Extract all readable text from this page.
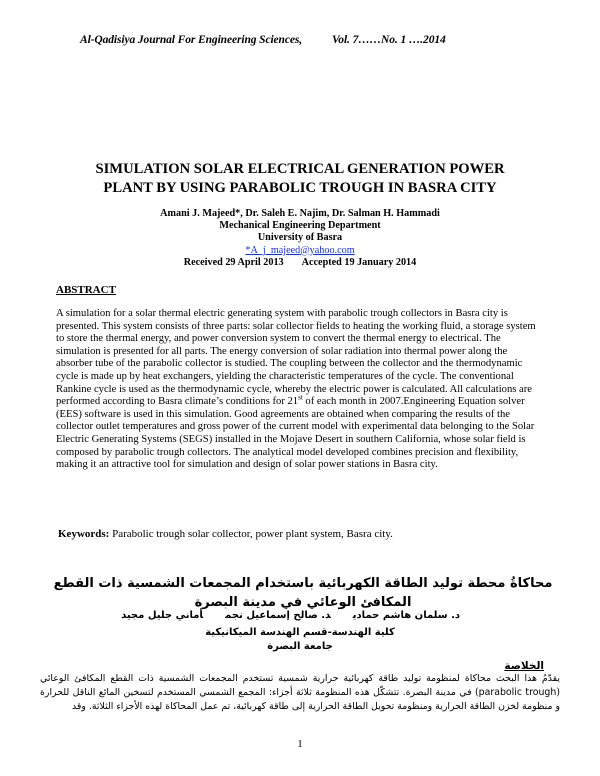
Al-Qadisiya Journal For Engineering Sciences,	Vol. 7……No. 1 ….2014
SIMULATION SOLAR ELECTRICAL GENERATION POWER
PLANT BY USING PARABOLIC TROUGH IN BASRA CITY
Amani J. Majeed*, Dr. Saleh E. Najim, Dr. Salman H. Hammadi
Mechanical Engineering Department
University of Basra
*A_j_majeed@yahoo.com
Received 29 April 2013 Accepted 19 January 2014
ABSTRACT
A simulation for a solar thermal electric generating system with parabolic trough collectors in Basra city is presented. This system consists of three parts: solar collector fields to heating the working fluid, a storage system to store the thermal energy, and power conversion system to convert the thermal energy to electrical. The simulation is presented for all parts. The energy conversion of solar radiation into thermal power along the absorber tube of the parabolic collector is studied. The coupling between the collector and the thermodynamic cycle is made up by heat exchangers, yielding the characteristic temperatures of the cycle. The conventional Rankine cycle is used as the thermodynamic cycle, whereby the electric power is calculated. All calculations are performed according to Basra climate’s conditions for 21st of each month in 2007.Engineering Equation solver (EES) software is used in this simulation. Good agreements are obtained when comparing the results of the collector outlet temperatures and gross power of the current model with experimental data belonging to the Solar Electric Generating Systems (SEGS) installed in the Mojave Desert in southern California, whose solar field is composed by parabolic trough collectors. The analytical model developed combines precision and flexibility, making it an attractive tool for simulation and design of solar power stations in Basra city.
Keywords: Parabolic trough solar collector, power plant system, Basra city.
محاكاةُ محطة توليد الطاقة الكهربائية باستخدام المجمعات الشمسية ذات القطع المكافئ الوعائي في مدينة البصرة
د. سلمان هاشم حماديد. صالح إسماعيل نجمأماني جليل مجيد
كلية الهندسة-قسم الهندسة الميكانيكية
جامعة البصرة
الخلاصة
يقدّمُ هذا البحث محاكاة لمنظومة توليد طاقة كهربائية حرارية شمسية تستخدم المجمعات الشمسية ذات القطع المكافئ الوعائي (parabolic trough) في مدينة البصرة. تتشكّل هذه المنظومة ثلاثة أجزاء: المجمع الشمسي المستخدم لتسخين المائع الناقل للحرارة و منظومة لخزن الطاقة الحرارية ومنظومة تحويل الطاقة الحرارية إلى طاقة كهربائية، تم عمل المحاكاة لهذه الأجزاء الثلاثة. وقد
1
